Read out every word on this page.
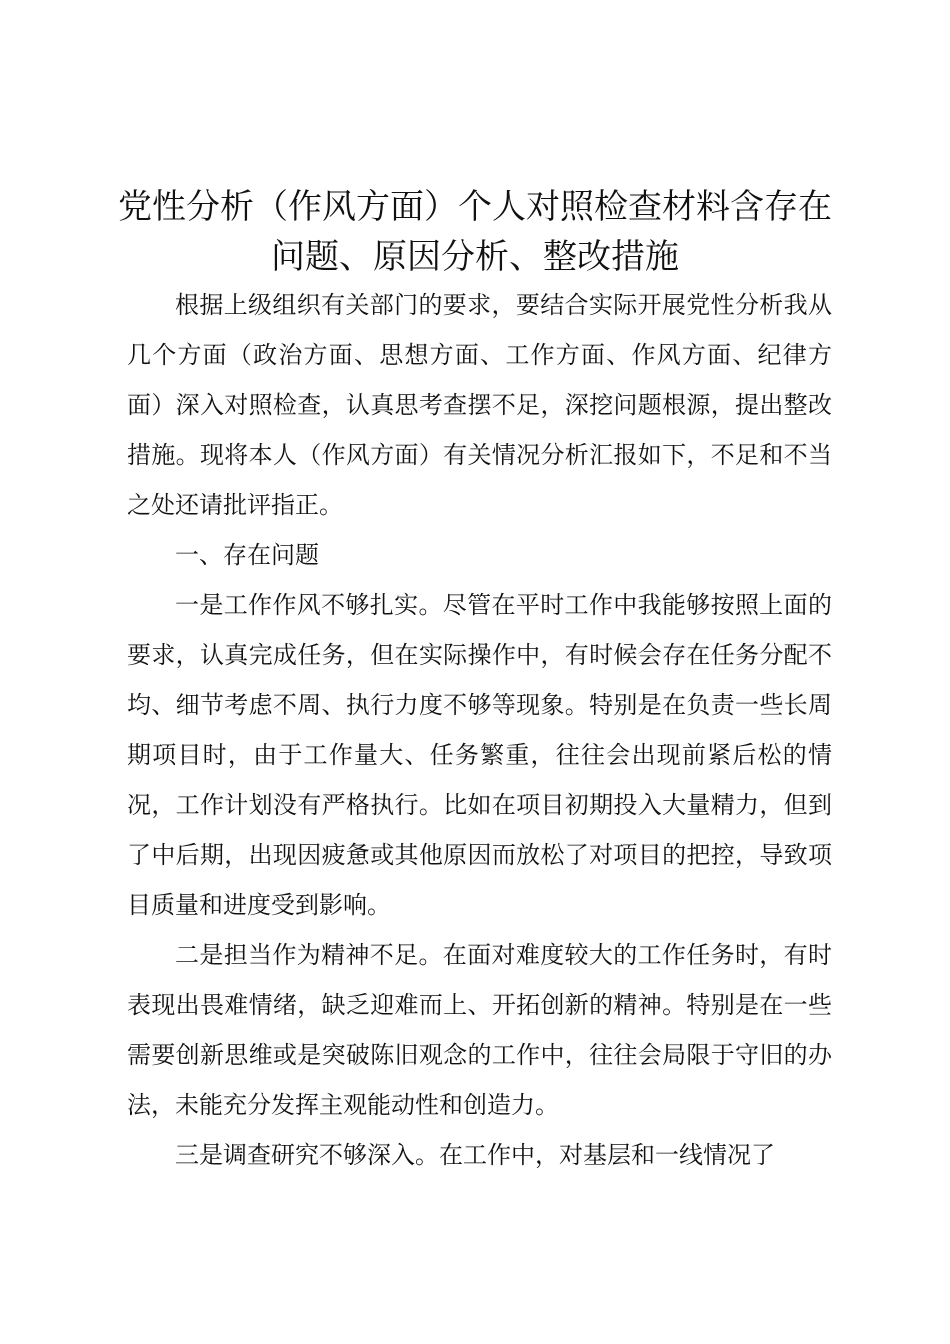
党性分析（作风方面）个人对照检查材料含存在问题、原因分析、整改措施

根据上级组织有关部门的要求，要结合实际开展党性分析我从几个方面（政治方面、思想方面、工作方面、作风方面、纪律方面）深入对照检查，认真思考查摆不足，深挖问题根源，提出整改措施。现将本人（作风方面）有关情况分析汇报如下，不足和不当之处还请批评指正。

一、存在问题

一是工作作风不够扎实。尽管在平时工作中我能够按照上面的要求，认真完成任务，但在实际操作中，有时候会存在任务分配不均、细节考虑不周、执行力度不够等现象。特别是在负责一些长周期项目时，由于工作量大、任务繁重，往往会出现前紧后松的情况，工作计划没有严格执行。比如在项目初期投入大量精力，但到了中后期，出现因疲惫或其他原因而放松了对项目的把控，导致项目质量和进度受到影响。

二是担当作为精神不足。在面对难度较大的工作任务时，有时表现出畏难情绪，缺乏迎难而上、开拓创新的精神。特别是在一些需要创新思维或是突破陈旧观念的工作中，往往会局限于守旧的办法，未能充分发挥主观能动性和创造力。

三是调查研究不够深入。在工作中，对基层和一线情况了
